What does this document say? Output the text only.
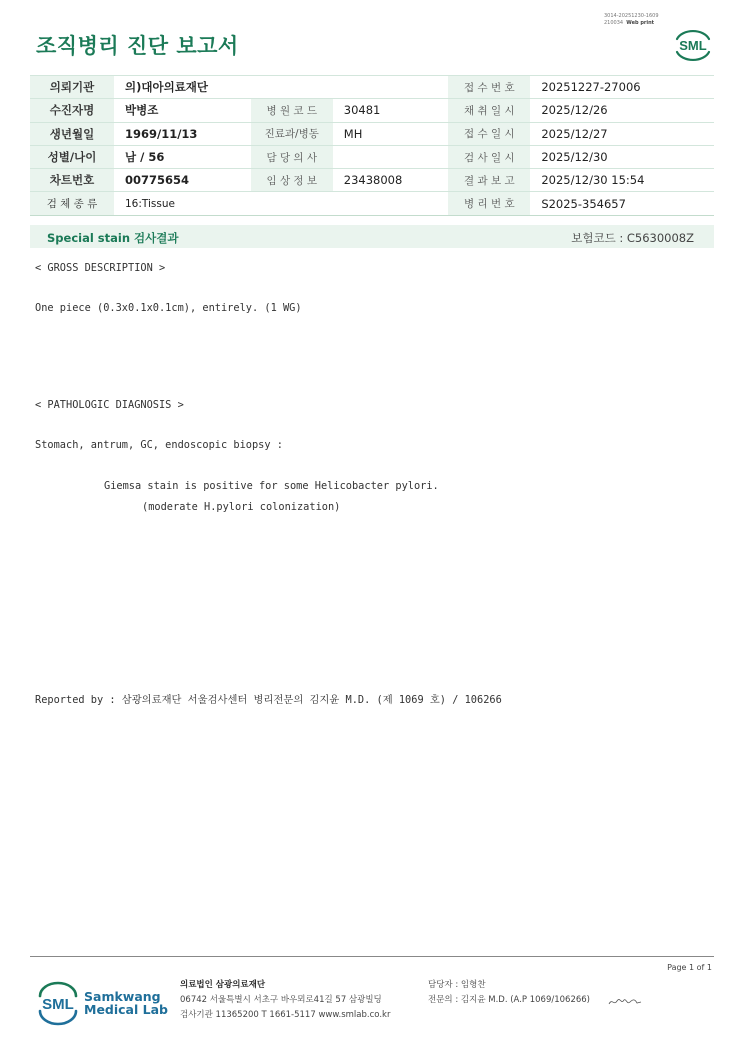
조직병리 진단 보고서
3014-20251230-1609
210034 Web print
SML
의뢰기관	의)대아의료재단			접 수 번 호	20251227-27006
수진자명	박병조	병 원 코 드	30481	채 취 일 시	2025/12/26
생년월일	1969/11/13	진료과/병동	MH	접 수 일 시	2025/12/27
성별/나이	남 / 56	담 당 의 사		검 사 일 시	2025/12/30
차트번호	00775654	임 상 정 보	23438008	결 과 보 고	2025/12/30 15:54
검 체 종 류	16:Tissue			병 리 번 호	S2025-354657
Special stain 검사결과	보험코드 : C5630008Z
< GROSS DESCRIPTION >
One piece (0.3x0.1x0.1cm), entirely. (1 WG)
< PATHOLOGIC DIAGNOSIS >
Stomach, antrum, GC, endoscopic biopsy :
Giemsa stain is positive for some Helicobacter pylori.
(moderate H.pylori colonization)
Reported by : 삼광의료재단 서울검사센터 병리전문의 김지윤 M.D. (제 1069 호) / 106266
Page 1 of 1
SML Samkwang
Medical Lab
의료법인 삼광의료재단
06742 서울특별시 서초구 바우뫼로41길 57 삼광빌딩
검사기관 11365200 T 1661-5117 www.smlab.co.kr
담당자 : 임형찬
전문의 : 김지윤 M.D. (A.P 1069/106266)
